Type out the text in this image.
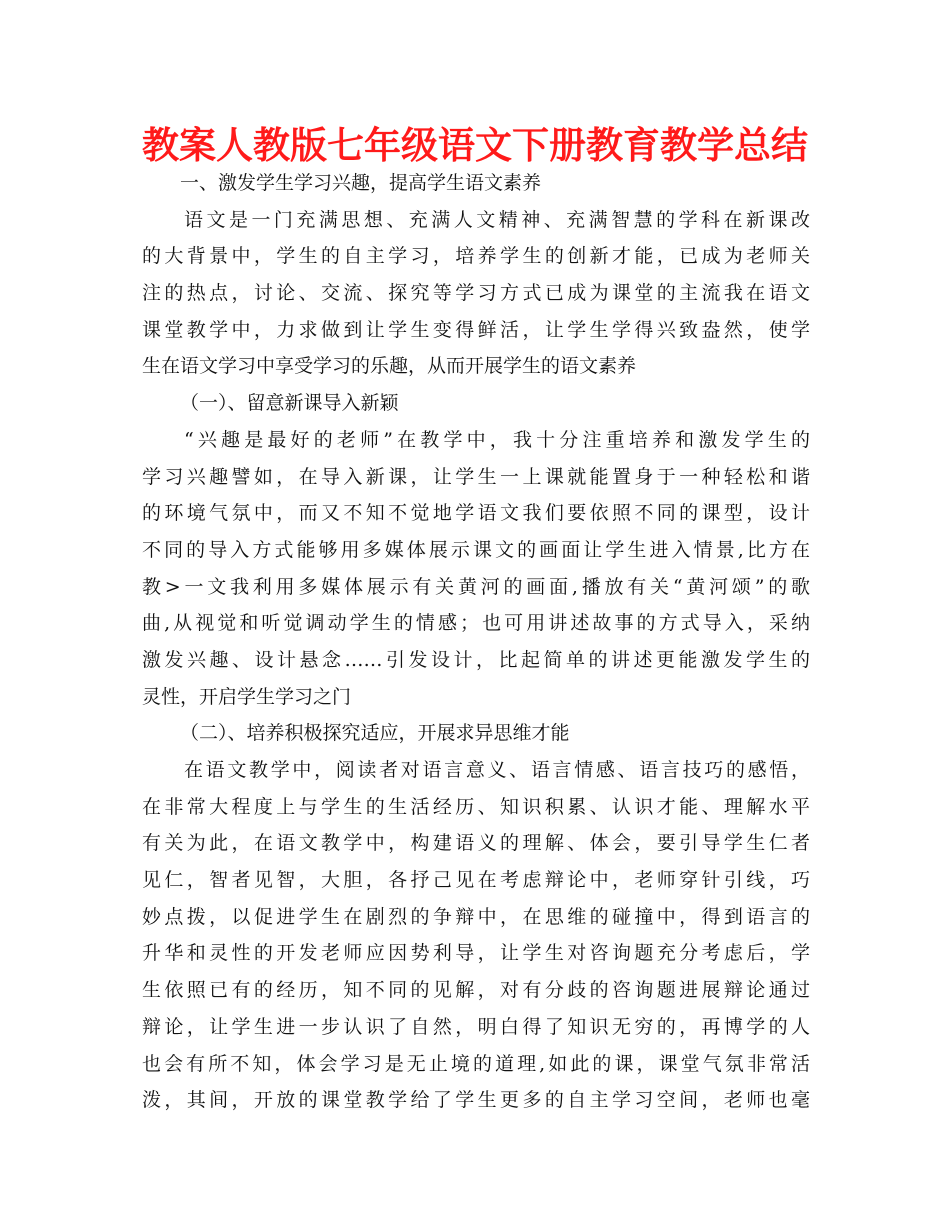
教案人教版七年级语文下册教育教学总结
一、激发学生学习兴趣，提高学生语文素养
语文是一门充满思想、充满人文精神、充满智慧的学科在新课改
的大背景中，学生的自主学习，培养学生的创新才能，已成为老师关
注的热点，讨论、交流、探究等学习方式已成为课堂的主流我在语文
课堂教学中，力求做到让学生变得鲜活，让学生学得兴致盎然，使学
生在语文学习中享受学习的乐趣，从而开展学生的语文素养
（一）、留意新课导入新颖
“兴趣是最好的老师”在教学中，我十分注重培养和激发学生的
学习兴趣譬如，在导入新课，让学生一上课就能置身于一种轻松和谐
的环境气氛中，而又不知不觉地学语文我们要依照不同的课型，设计
不同的导入方式能够用多媒体展示课文的画面让学生进入情景,比方在
教>一文我利用多媒体展示有关黄河的画面,播放有关“黄河颂”的歌
曲,从视觉和听觉调动学生的情感；也可用讲述故事的方式导入，采纳
激发兴趣、设计悬念……引发设计，比起简单的讲述更能激发学生的
灵性，开启学生学习之门
（二）、培养积极探究适应，开展求异思维才能
在语文教学中，阅读者对语言意义、语言情感、语言技巧的感悟，
在非常大程度上与学生的生活经历、知识积累、认识才能、理解水平
有关为此，在语文教学中，构建语义的理解、体会，要引导学生仁者
见仁，智者见智，大胆，各抒己见在考虑辩论中，老师穿针引线，巧
妙点拨，以促进学生在剧烈的争辩中，在思维的碰撞中，得到语言的
升华和灵性的开发老师应因势利导，让学生对咨询题充分考虑后，学
生依照已有的经历，知不同的见解，对有分歧的咨询题进展辩论通过
辩论，让学生进一步认识了自然，明白得了知识无穷的，再博学的人
也会有所不知，体会学习是无止境的道理,如此的课，课堂气氛非常活
泼，其间，开放的课堂教学给了学生更多的自主学习空间，老师也毫
